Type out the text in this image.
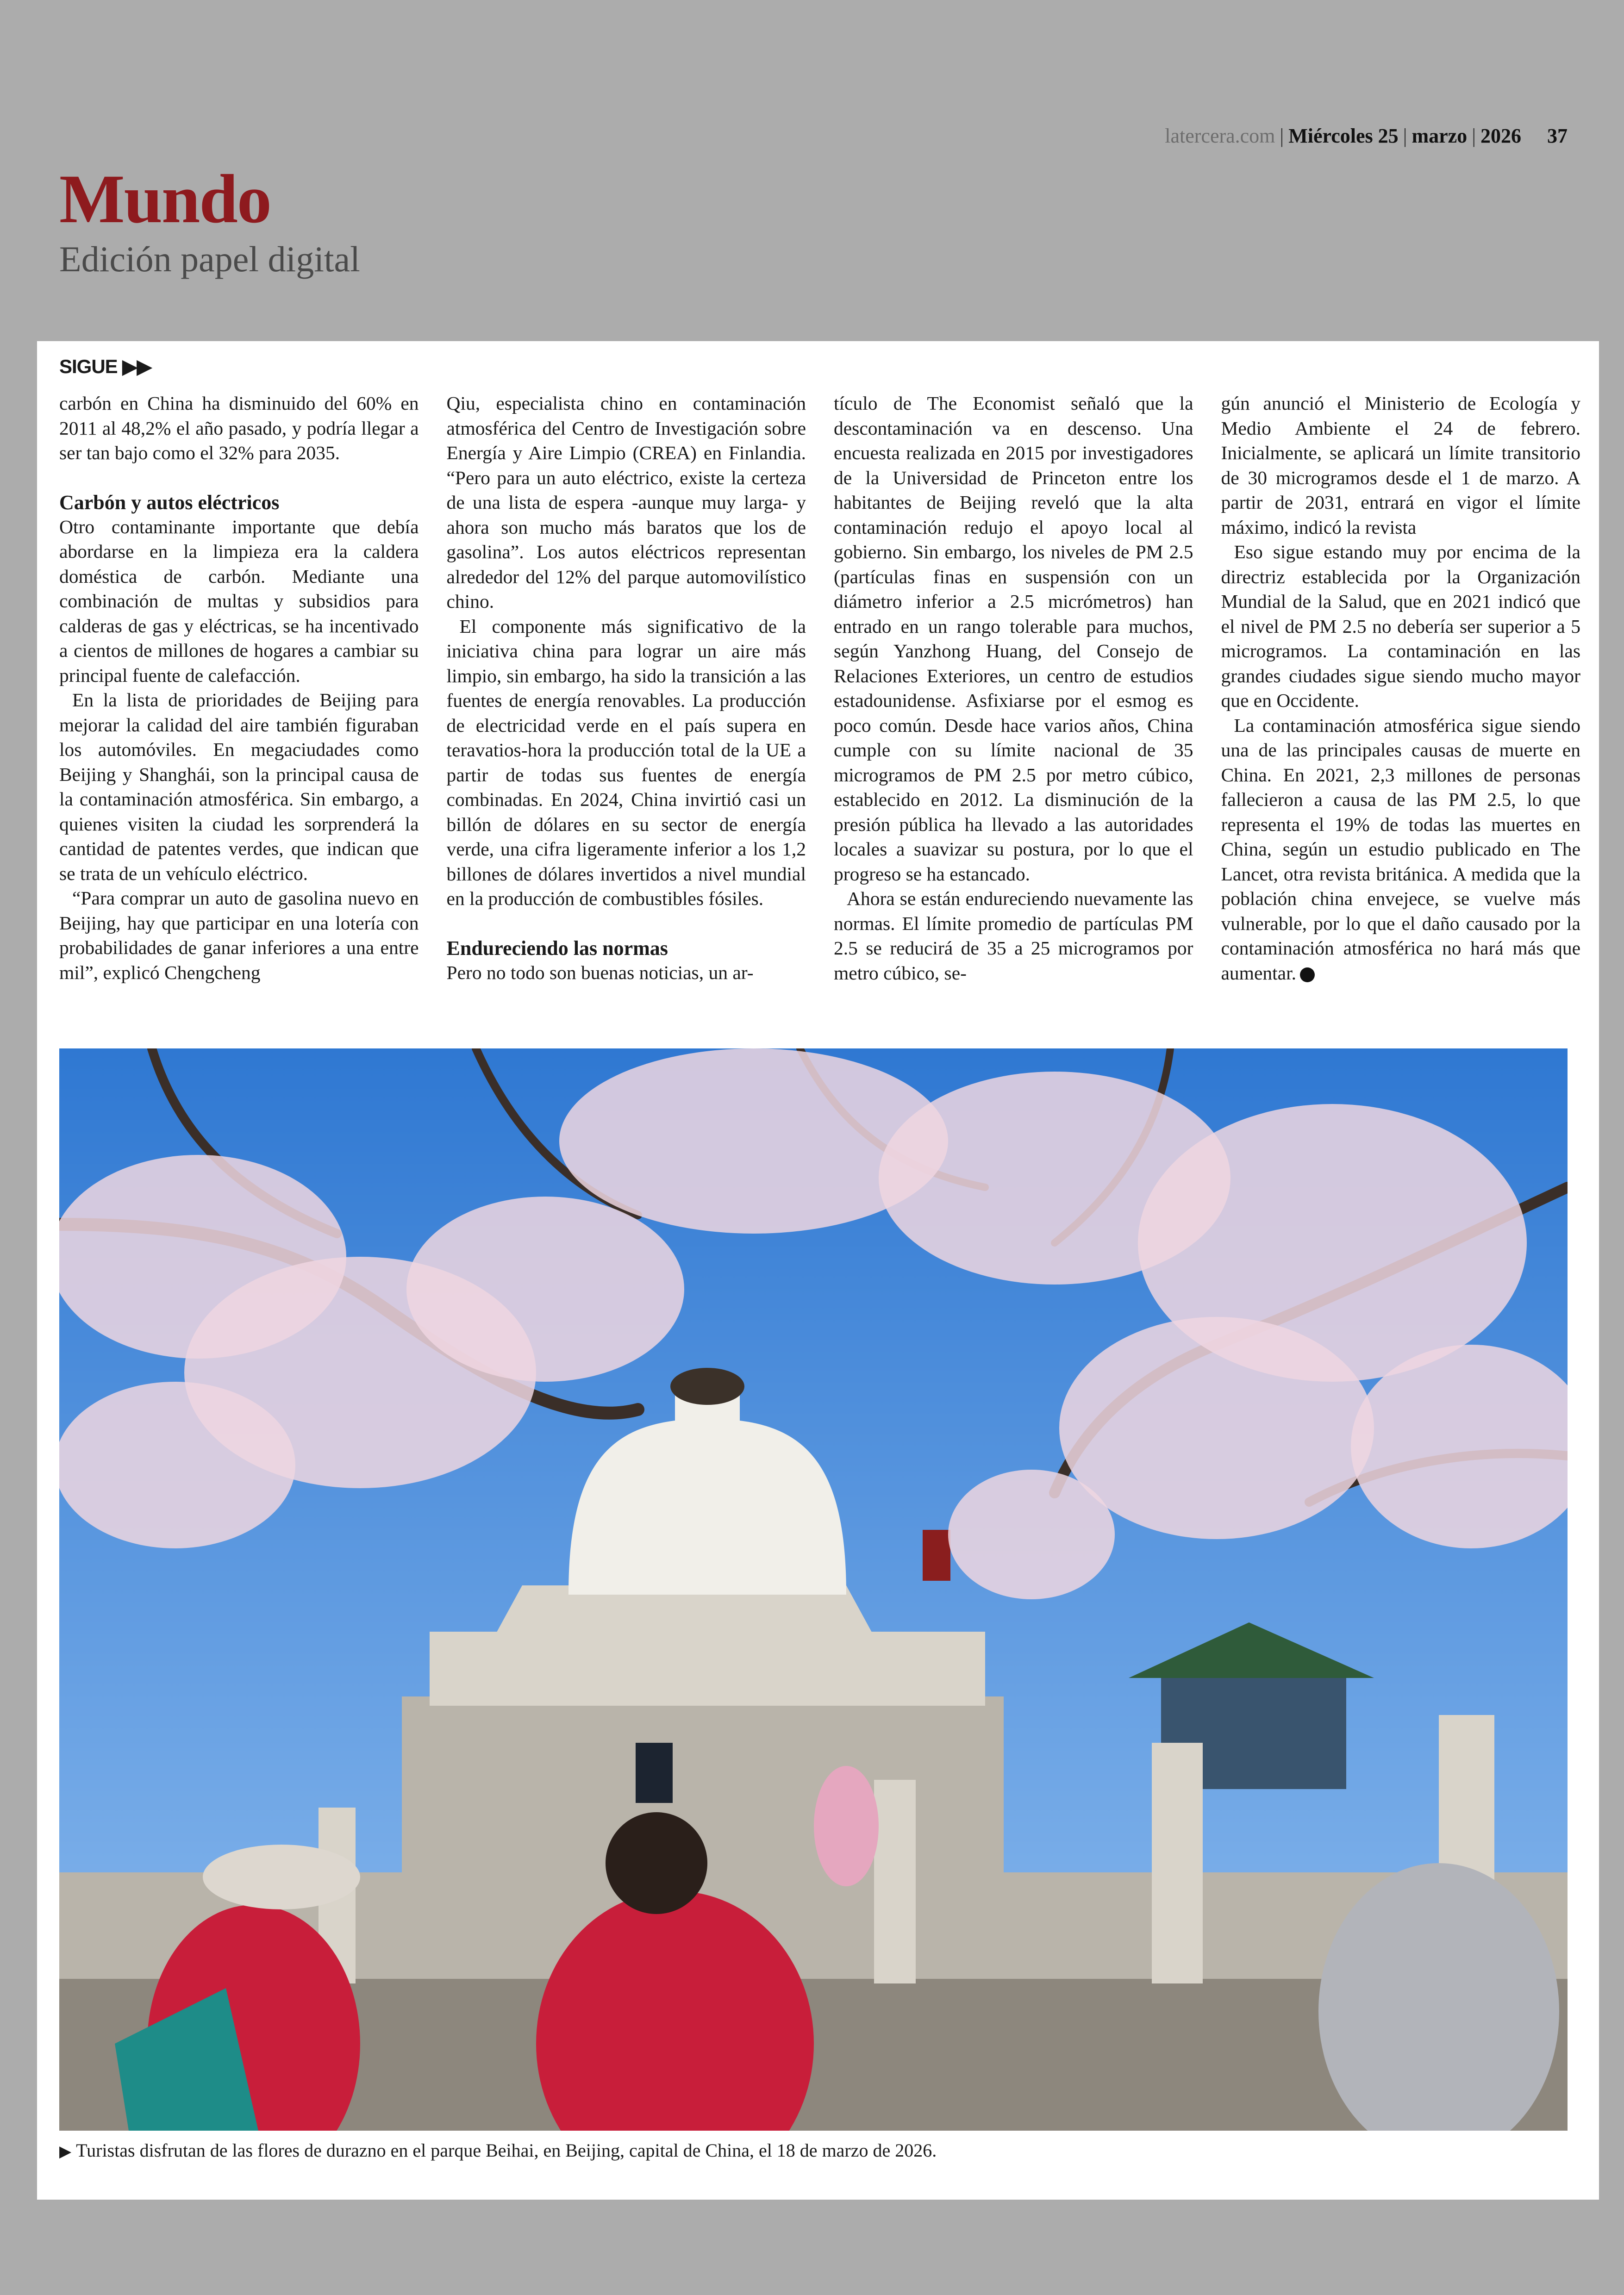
latercera.com | Miércoles 25 | marzo | 2026 37
Mundo
Edición papel digital
SIGUE ▶▶

carbón en China ha disminuido del 60% en 2011 al 48,2% el año pasado, y podría llegar a ser tan bajo como el 32% para 2035.

Carbón y autos eléctricos

Otro contaminante importante que debía abordarse en la limpieza era la caldera doméstica de carbón. Mediante una combinación de multas y subsidios para calderas de gas y eléctricas, se ha incentivado a cientos de millones de hogares a cambiar su principal fuente de calefacción.

En la lista de prioridades de Beijing para mejorar la calidad del aire también figuraban los automóviles. En megaciudades como Beijing y Shanghái, son la principal causa de la contaminación atmosférica. Sin embargo, a quienes visiten la ciudad les sorprenderá la cantidad de patentes verdes, que indican que se trata de un vehículo eléctrico.

“Para comprar un auto de gasolina nuevo en Beijing, hay que participar en una lotería con probabilidades de ganar inferiores a una entre mil”, explicó Chengcheng

Qiu, especialista chino en contaminación atmosférica del Centro de Investigación sobre Energía y Aire Limpio (CREA) en Finlandia. “Pero para un auto eléctrico, existe la certeza de una lista de espera -aunque muy larga- y ahora son mucho más baratos que los de gasolina”. Los autos eléctricos representan alrededor del 12% del parque automovilístico chino.

El componente más significativo de la iniciativa china para lograr un aire más limpio, sin embargo, ha sido la transición a las fuentes de energía renovables. La producción de electricidad verde en el país supera en teravatios-hora la producción total de la UE a partir de todas sus fuentes de energía combinadas. En 2024, China invirtió casi un billón de dólares en su sector de energía verde, una cifra ligeramente inferior a los 1,2 billones de dólares invertidos a nivel mundial en la producción de combustibles fósiles.

Endureciendo las normas

Pero no todo son buenas noticias, un ar-

tículo de The Economist señaló que la descontaminación va en descenso. Una encuesta realizada en 2015 por investigadores de la Universidad de Princeton entre los habitantes de Beijing reveló que la alta contaminación redujo el apoyo local al gobierno. Sin embargo, los niveles de PM 2.5 (partículas finas en suspensión con un diámetro inferior a 2.5 micrómetros) han entrado en un rango tolerable para muchos, según Yanzhong Huang, del Consejo de Relaciones Exteriores, un centro de estudios estadounidense. Asfixiarse por el esmog es poco común. Desde hace varios años, China cumple con su límite nacional de 35 microgramos de PM 2.5 por metro cúbico, establecido en 2012. La disminución de la presión pública ha llevado a las autoridades locales a suavizar su postura, por lo que el progreso se ha estancado.

Ahora se están endureciendo nuevamente las normas. El límite promedio de partículas PM 2.5 se reducirá de 35 a 25 microgramos por metro cúbico, se-

gún anunció el Ministerio de Ecología y Medio Ambiente el 24 de febrero. Inicialmente, se aplicará un límite transitorio de 30 microgramos desde el 1 de marzo. A partir de 2031, entrará en vigor el límite máximo, indicó la revista

Eso sigue estando muy por encima de la directriz establecida por la Organización Mundial de la Salud, que en 2021 indicó que el nivel de PM 2.5 no debería ser superior a 5 microgramos. La contaminación en las grandes ciudades sigue siendo mucho mayor que en Occidente.

La contaminación atmosférica sigue siendo una de las principales causas de muerte en China. En 2021, 2,3 millones de personas fallecieron a causa de las PM 2.5, lo que representa el 19% de todas las muertes en China, según un estudio publicado en The Lancet, otra revista británica. A medida que la población china envejece, se vuelve más vulnerable, por lo que el daño causado por la contaminación atmosférica no hará más que aumentar.

▶ Turistas disfrutan de las flores de durazno en el parque Beihai, en Beijing, capital de China, el 18 de marzo de 2026.
